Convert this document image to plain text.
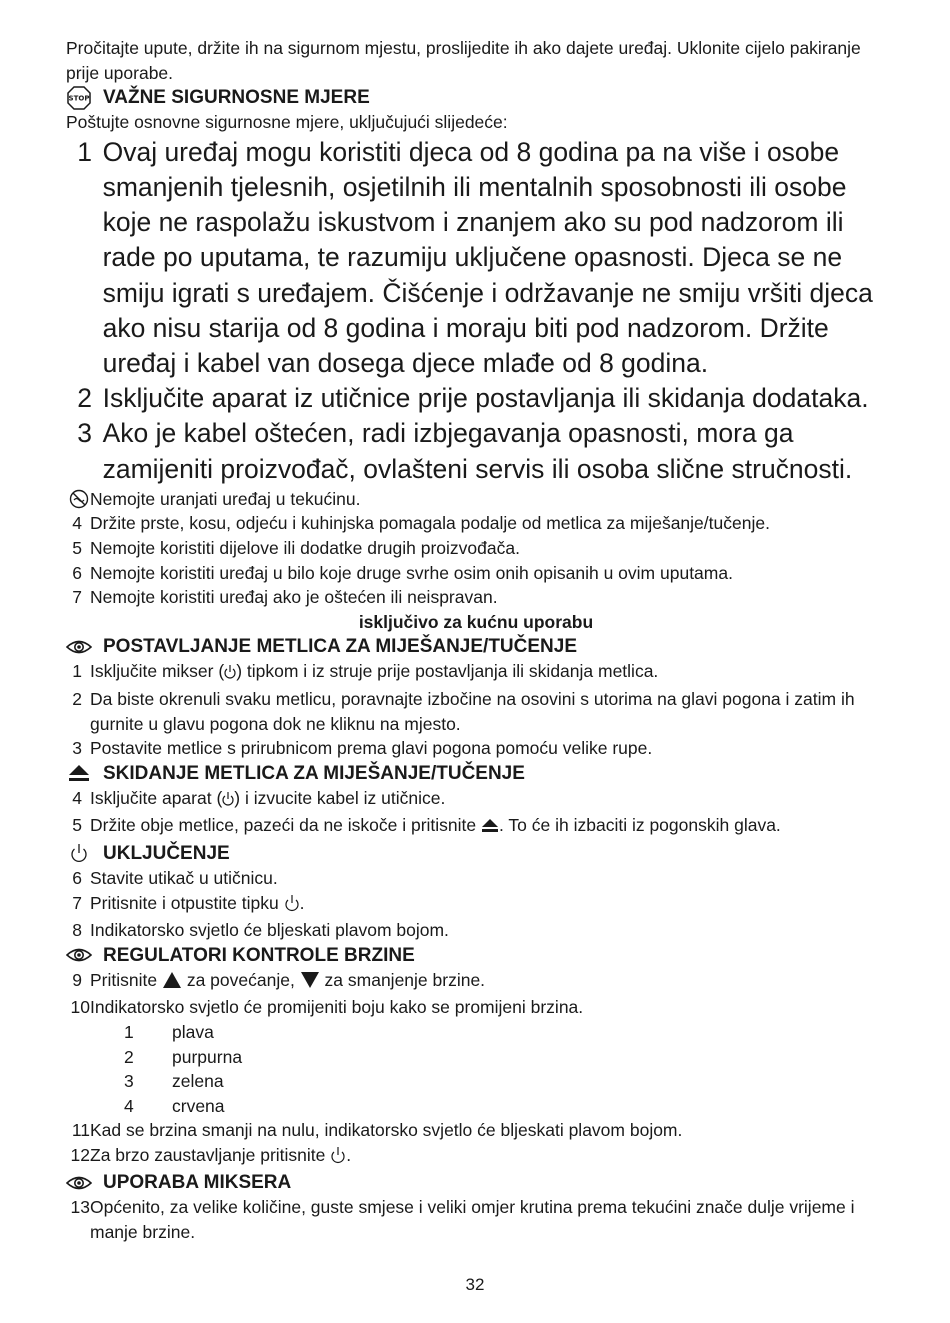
Pročitajte upute, držite ih na sigurnom mjestu, proslijedite ih ako dajete uređaj. Uklonite cijelo pakiranje prije uporabe.

STOP VAŽNE SIGURNOSNE MJERE

Poštujte osnovne sigurnosne mjere, uključujući slijedeće:

1 Ovaj uređaj mogu koristiti djeca od 8 godina pa na više i osobe smanjenih tjelesnih, osjetilnih ili mentalnih sposobnosti ili osobe koje ne raspolažu iskustvom i znanjem ako su pod nadzorom ili rade po uputama, te razumiju uključene opasnosti. Djeca se ne smiju igrati s uređajem. Čišćenje i održavanje ne smiju vršiti djeca ako nisu starija od 8 godina i moraju biti pod nadzorom. Držite uređaj i kabel van dosega djece mlađe od 8 godina.
2 Isključite aparat iz utičnice prije postavljanja ili skidanja dodataka.
3 Ako je kabel oštećen, radi izbjegavanja opasnosti, mora ga zamijeniti proizvođač, ovlašteni servis ili osoba slične stručnosti.
Nemojte uranjati uređaj u tekućinu.
4 Držite prste, kosu, odjeću i kuhinjska pomagala podalje od metlica za miješanje/tučenje.
5 Nemojte koristiti dijelove ili dodatke drugih proizvođača.
6 Nemojte koristiti uređaj u bilo koje druge svrhe osim onih opisanih u ovim uputama.
7 Nemojte koristiti uređaj ako je oštećen ili neispravan.

isključivo za kućnu uporabu

POSTAVLJANJE METLICA ZA MIJEŠANJE/TUČENJE
1 Isključite mikser ( ) tipkom i iz struje prije postavljanja ili skidanja metlica.
2 Da biste okrenuli svaku metlicu, poravnajte izbočine na osovini s utorima na glavi pogona i zatim ih gurnite u glavu pogona dok ne kliknu na mjesto.
3 Postavite metlice s prirubnicom prema glavi pogona pomoću velike rupe.
SKIDANJE METLICA ZA MIJEŠANJE/TUČENJE
4 Isključite aparat ( ) i izvucite kabel iz utičnice.
5 Držite obje metlice, pazeći da ne iskoče i pritisnite . To će ih izbaciti iz pogonskih glava.
UKLJUČENJE
6 Stavite utikač u utičnicu.
7 Pritisnite i otpustite tipku .
8 Indikatorsko svjetlo će bljeskati plavom bojom.
REGULATORI KONTROLE BRZINE
9 Pritisnite  za povećanje,  za smanjenje brzine.
10 Indikatorsko svjetlo će promijeniti boju kako se promijeni brzina.
1 plava
2 purpurna
3 zelena
4 crvena
11 Kad se brzina smanji na nulu, indikatorsko svjetlo će bljeskati plavom bojom.
12 Za brzo zaustavljanje pritisnite .
UPORABA MIKSERA
13 Općenito, za velike količine, guste smjese i veliki omjer krutina prema tekućini znače dulje vrijeme i manje brzine.
32
